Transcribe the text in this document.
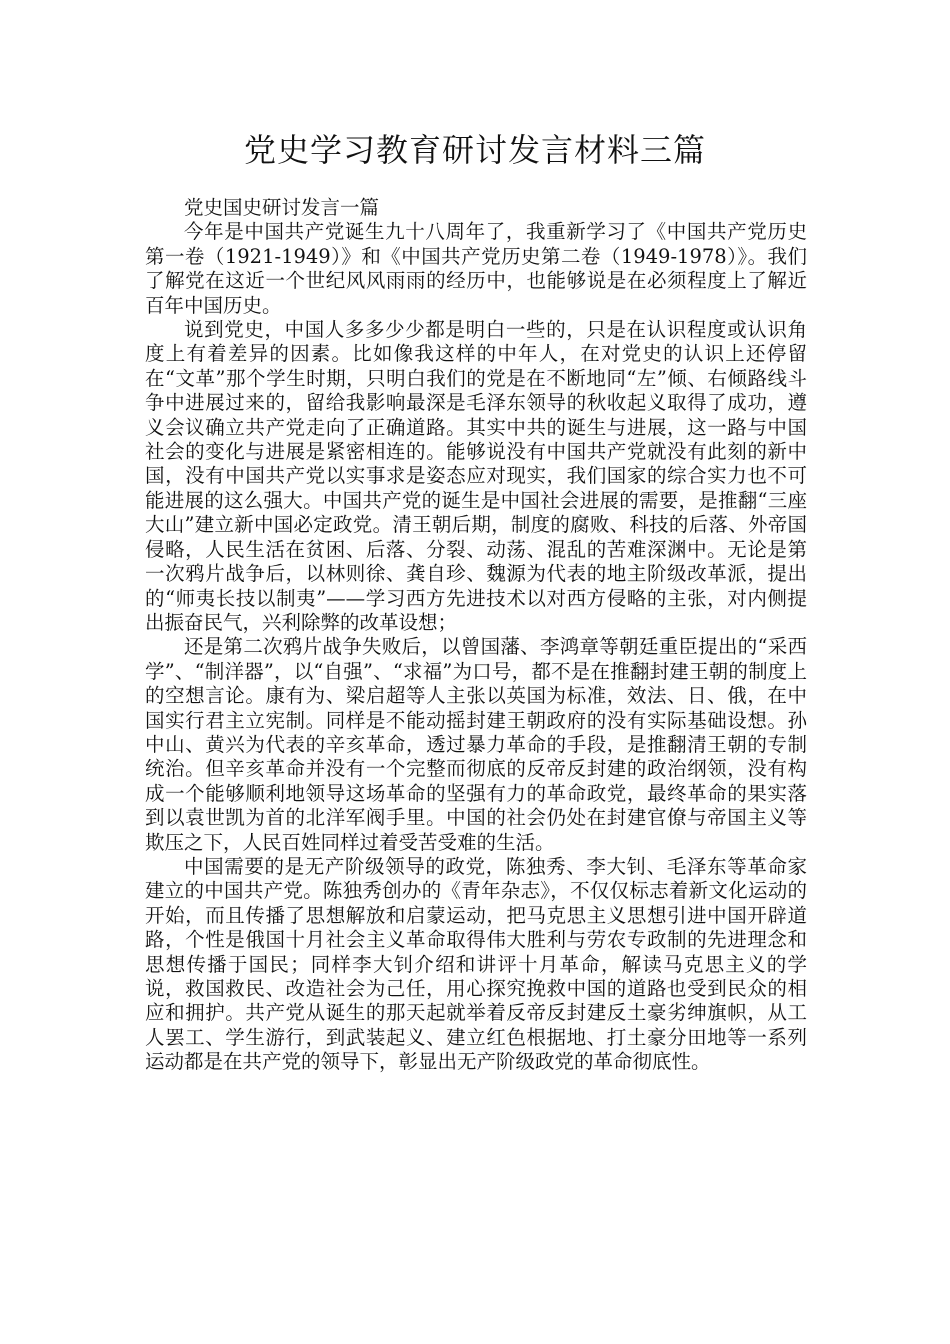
党史学习教育研讨发言材料三篇

党史国史研讨发言一篇

今年是中国共产党诞生九十八周年了，我重新学习了《中国共产党历史第一卷（1921-1949）》和《中国共产党历史第二卷（1949-1978）》。我们了解党在这近一个世纪风风雨雨的经历中，也能够说是在必须程度上了解近百年中国历史。

说到党史，中国人多多少少都是明白一些的，只是在认识程度或认识角度上有着差异的因素。比如像我这样的中年人，在对党史的认识上还停留在“文革”那个学生时期，只明白我们的党是在不断地同“左”倾、右倾路线斗争中进展过来的，留给我影响最深是毛泽东领导的秋收起义取得了成功，遵义会议确立共产党走向了正确道路。其实中共的诞生与进展，这一路与中国社会的变化与进展是紧密相连的。能够说没有中国共产党就没有此刻的新中国，没有中国共产党以实事求是姿态应对现实，我们国家的综合实力也不可能进展的这么强大。中国共产党的诞生是中国社会进展的需要，是推翻“三座大山”建立新中国必定政党。清王朝后期，制度的腐败、科技的后落、外帝国侵略，人民生活在贫困、后落、分裂、动荡、混乱的苦难深渊中。无论是第一次鸦片战争后，以林则徐、龚自珍、魏源为代表的地主阶级改革派，提出的“师夷长技以制夷”——学习西方先进技术以对西方侵略的主张，对内侧提出振奋民气，兴利除弊的改革设想；

还是第二次鸦片战争失败后，以曾国藩、李鸿章等朝廷重臣提出的“采西学”、“制洋器”，以“自强”、“求福”为口号，都不是在推翻封建王朝的制度上的空想言论。康有为、梁启超等人主张以英国为标准，效法、日、俄，在中国实行君主立宪制。同样是不能动摇封建王朝政府的没有实际基础设想。孙中山、黄兴为代表的辛亥革命，透过暴力革命的手段，是推翻清王朝的专制统治。但辛亥革命并没有一个完整而彻底的反帝反封建的政治纲领，没有构成一个能够顺利地领导这场革命的坚强有力的革命政党，最终革命的果实落到以袁世凯为首的北洋军阀手里。中国的社会仍处在封建官僚与帝国主义等欺压之下，人民百姓同样过着受苦受难的生活。

中国需要的是无产阶级领导的政党，陈独秀、李大钊、毛泽东等革命家建立的中国共产党。陈独秀创办的《青年杂志》，不仅仅标志着新文化运动的开始，而且传播了思想解放和启蒙运动，把马克思主义思想引进中国开辟道路，个性是俄国十月社会主义革命取得伟大胜利与劳农专政制的先进理念和思想传播于国民；同样李大钊介绍和讲评十月革命，解读马克思主义的学说，救国救民、改造社会为己任，用心探究挽救中国的道路也受到民众的相应和拥护。共产党从诞生的那天起就举着反帝反封建反土豪劣绅旗帜，从工人罢工、学生游行，到武装起义、建立红色根据地、打土豪分田地等一系列运动都是在共产党的领导下，彰显出无产阶级政党的革命彻底性。
